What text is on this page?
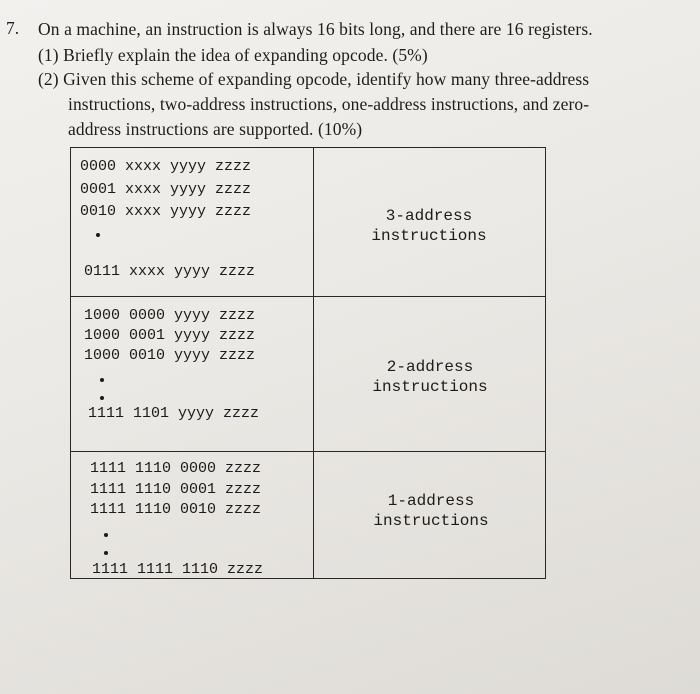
7. On a machine, an instruction is always 16 bits long, and there are 16 registers.
(1) Briefly explain the idea of expanding opcode. (5%)
(2) Given this scheme of expanding opcode, identify how many three-address
instructions, two-address instructions, one-address instructions, and zero-
address instructions are supported. (10%)
0000 xxxx yyyy zzzz
0001 xxxx yyyy zzzz
0010 xxxx yyyy zzzz
0111 xxxx yyyy zzzz
3-address
instructions
1000 0000 yyyy zzzz
1000 0001 yyyy zzzz
1000 0010 yyyy zzzz
1111 1101 yyyy zzzz
2-address
instructions
1111 1110 0000 zzzz
1111 1110 0001 zzzz
1111 1110 0010 zzzz
1111 1111 1110 zzzz
1-address
instructions
